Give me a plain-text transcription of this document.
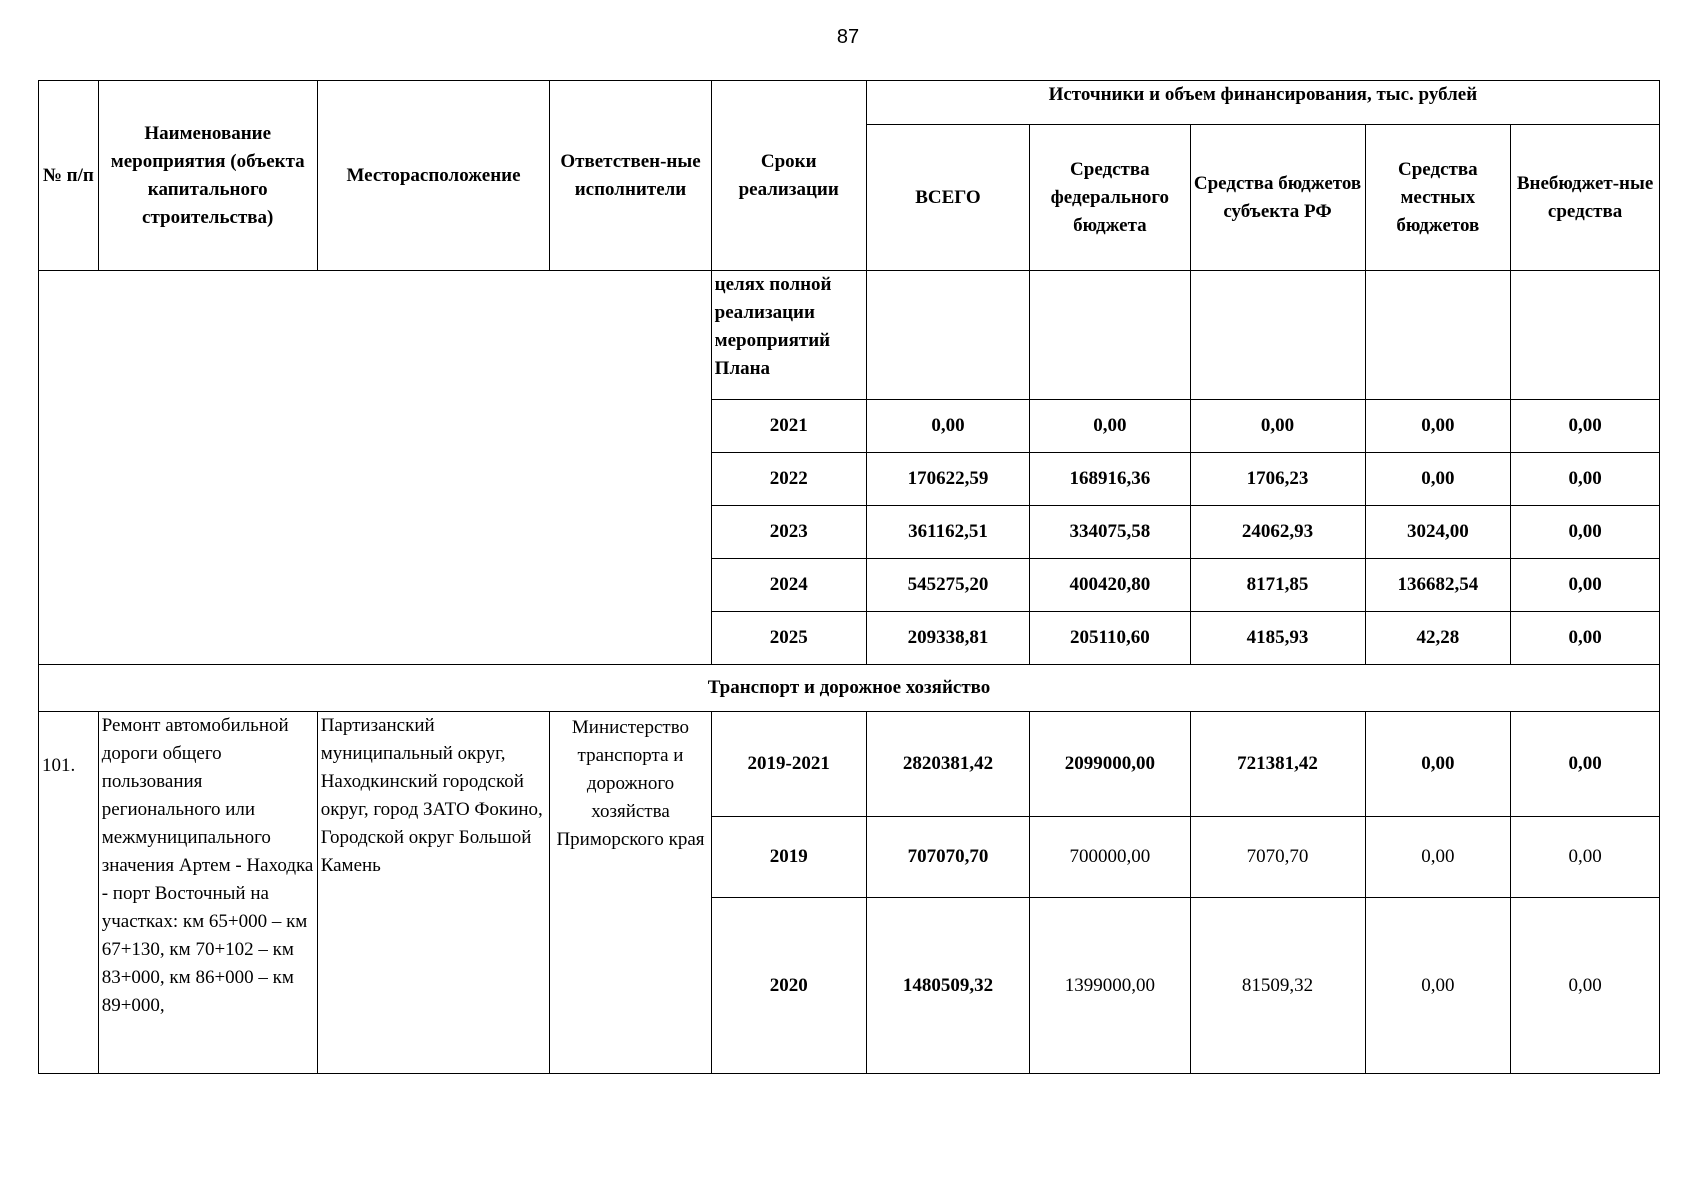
87
№ п/п	Наименование мероприятия (объекта капитального строительства)	Месторасположение	Ответствен-ные исполнители	Сроки реализации	Источники и объем финансирования, тыс. рублей				
					ВСЕГО	Средства федерального бюджета	Средства бюджетов субъекта РФ	Средства местных бюджетов	Внебюджет-ные средства
				целях полной реализации мероприятий Плана					
				2021	0,00	0,00	0,00	0,00	0,00
				2022	170622,59	168916,36	1706,23	0,00	0,00
				2023	361162,51	334075,58	24062,93	3024,00	0,00
				2024	545275,20	400420,80	8171,85	136682,54	0,00
				2025	209338,81	205110,60	4185,93	42,28	0,00
Транспорт и дорожное хозяйство									
101.	Ремонт автомобильной дороги общего пользования регионального или межмуниципального значения Артем - Находка - порт Восточный на участках: км 65+000 – км 67+130, км 70+102 – км 83+000, км 86+000 – км 89+000,	Партизанский муниципальный округ, Находкинский городской округ, город ЗАТО Фокино, Городской округ Большой Камень	Министерство транспорта и дорожного хозяйства Приморского края	2019-2021	2820381,42	2099000,00	721381,42	0,00	0,00
				2019	707070,70	700000,00	7070,70	0,00	0,00
				2020	1480509,32	1399000,00	81509,32	0,00	0,00
